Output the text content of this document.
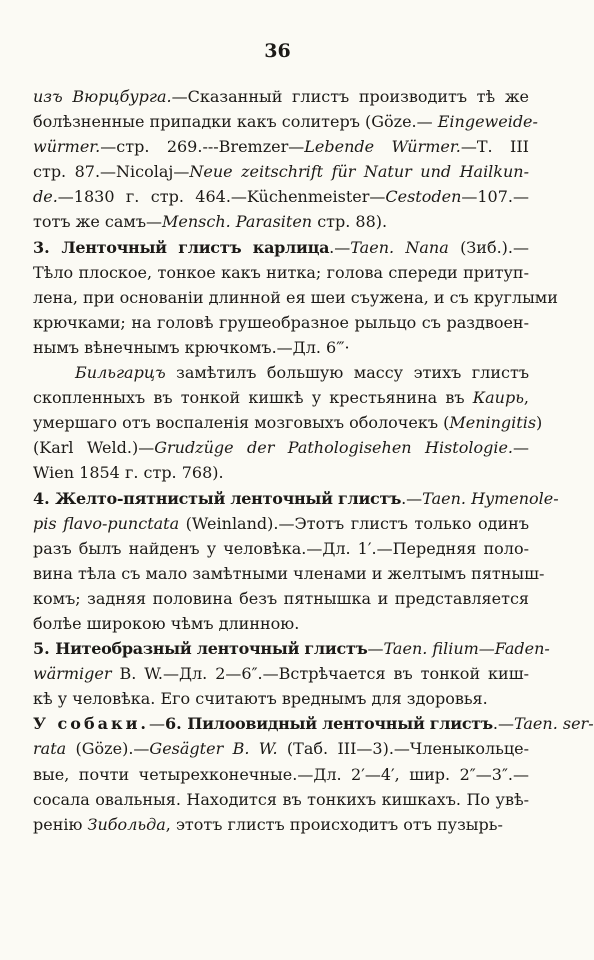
36
изъ Вюрцбурга.—Сказанный глистъ производитъ тѣ же
болѣзненные припадки какъ солитеръ (Göze.— Eingeweide-
würmer.—стр. 269.---Bremzer—Lebende Würmer.—Т. III
стр. 87.—Nicolaj—Neue zeitschrift für Natur und Hailkun-
de.—1830 г. стр. 464.—Küchenmeister—Cestoden—107.—
тотъ же самъ—Mensch. Parasiten стр. 88).
3. Ленточный глистъ карлица.—Taen. Nana (Зиб.).—
Тѣло плоское, тонкое какъ нитка; голова спереди притуп-
лена, при основаніи длинной ея шеи съужена, и съ круглыми
крючками; на головѣ грушеобразное рыльцо съ раздвоен-
нымъ вѣнечнымъ крючкомъ.—Дл. 6‴·
Бильгарцъ замѣтилъ большую массу этихъ глистъ
скопленныхъ въ тонкой кишкѣ у крестьянина въ Каирь,
умершаго отъ воспаленія мозговыхъ оболочекъ (Meningitis)
(Karl Weld.)—Grudzüge der Pathologisehen Histologie.—
Wien 1854 г. стр. 768).
4. Желто-пятнистый ленточный глистъ.—Taen. Hymenole-
pis flavo-punctata (Weinland).—Этотъ глистъ только одинъ
разъ былъ найденъ у человѣка.—Дл. 1′.—Передняя поло-
вина тѣла съ мало замѣтными членами и желтымъ пятныш-
комъ; задняя половина безъ пятнышка и представляется
болѣе широкою чѣмъ длинною.
5. Нитеобразный ленточный глистъ—Taen. filium—Faden-
wärmiger B. W.—Дл. 2—6″.—Встрѣчается въ тонкой киш-
кѣ у человѣка. Его считаютъ вреднымъ для здоровья.
У собаки.—6. Пилоовидный ленточный глистъ.—Taen. ser-
rata (Göze).—Gesägter B. W. (Таб. III—3).—Членыкольце-
вые, почти четырехконечные.—Дл. 2′—4′, шир. 2″—3″.—
сосала овальныя. Находится въ тонкихъ кишкахъ. По увѣ-
ренію Зибольда, этотъ глистъ происходитъ отъ пузырь-
